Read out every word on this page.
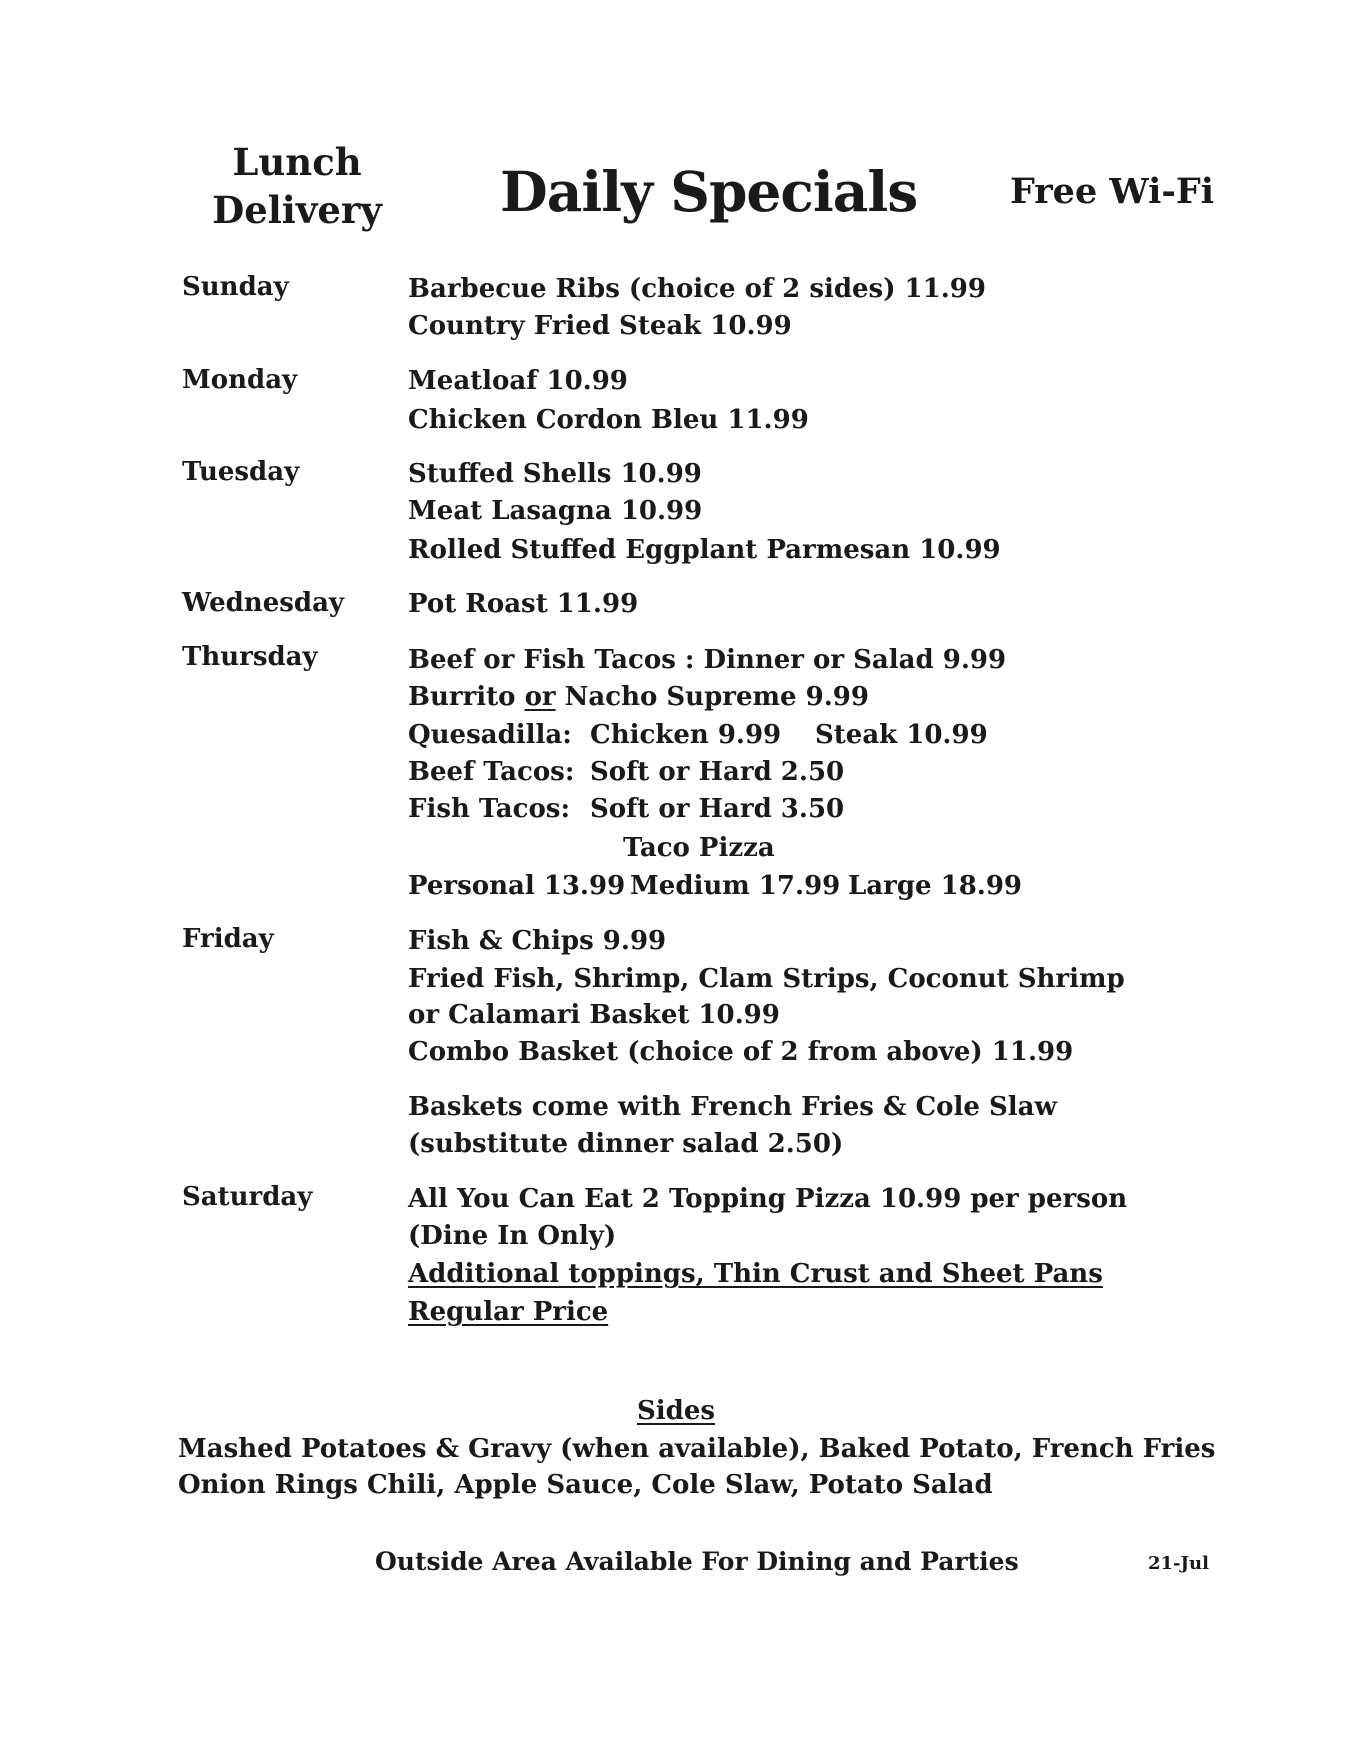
Lunch
Delivery Daily Specials	Free Wi-Fi
Sunday	Barbecue Ribs (choice of 2 sides) 11.99
Country Fried Steak 10.99
Monday	Meatloaf 10.99
Chicken Cordon Bleu 11.99
Tuesday	Stuffed Shells 10.99
Meat Lasagna 10.99
Rolled Stuffed Eggplant Parmesan 10.99
Wednesday Pot Roast 11.99
Thursday	Beef or Fish Tacos : Dinner or Salad 9.99
Burrito or Nacho Supreme 9.99
Quesadilla: Chicken 9.99 Steak 10.99
Beef Tacos: Soft or Hard 2.50
Fish Tacos: Soft or Hard 3.50
Taco Pizza
Personal 13.99 Medium 17.99 Large 18.99
Friday	Fish & Chips 9.99
Fried Fish, Shrimp, Clam Strips, Coconut Shrimp
or Calamari Basket 10.99
Combo Basket (choice of 2 from above) 11.99
Baskets come with French Fries & Cole Slaw
(substitute dinner salad 2.50)
Saturday	All You Can Eat 2 Topping Pizza 10.99 per person
(Dine In Only)
Additional toppings, Thin Crust and Sheet Pans
Regular Price
Sides
Mashed Potatoes & Gravy (when available), Baked Potato, French Fries
Onion Rings Chili, Apple Sauce, Cole Slaw, Potato Salad
Outside Area Available For Dining and Parties	21-Jul
